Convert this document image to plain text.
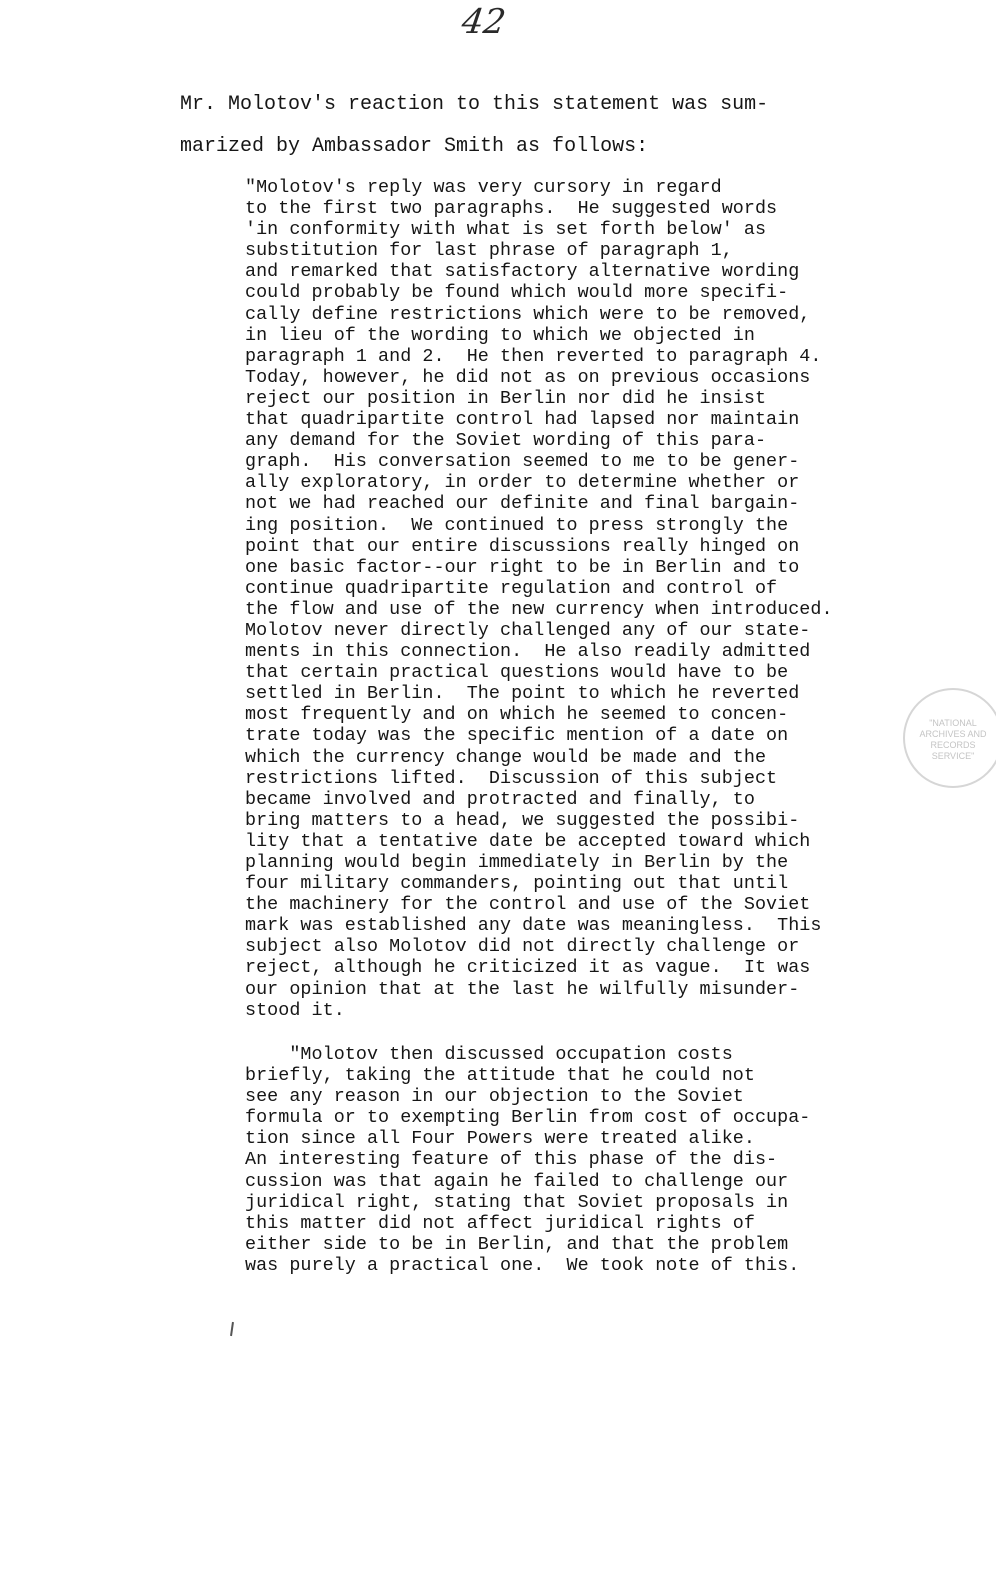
42
Mr. Molotov's reaction to this statement was sum-
marized by Ambassador Smith as follows:
"Molotov's reply was very cursory in regard
to the first two paragraphs.  He suggested words
'in conformity with what is set forth below' as
substitution for last phrase of paragraph 1,
and remarked that satisfactory alternative wording
could probably be found which would more specifi-
cally define restrictions which were to be removed,
in lieu of the wording to which we objected in
paragraph 1 and 2.  He then reverted to paragraph 4.
Today, however, he did not as on previous occasions
reject our position in Berlin nor did he insist
that quadripartite control had lapsed nor maintain
any demand for the Soviet wording of this para-
graph.  His conversation seemed to me to be gener-
ally exploratory, in order to determine whether or
not we had reached our definite and final bargain-
ing position.  We continued to press strongly the
point that our entire discussions really hinged on
one basic factor--our right to be in Berlin and to
continue quadripartite regulation and control of
the flow and use of the new currency when introduced.
Molotov never directly challenged any of our state-
ments in this connection.  He also readily admitted
that certain practical questions would have to be
settled in Berlin.  The point to which he reverted
most frequently and on which he seemed to concen-
trate today was the specific mention of a date on
which the currency change would be made and the
restrictions lifted.  Discussion of this subject
became involved and protracted and finally, to
bring matters to a head, we suggested the possibi-
lity that a tentative date be accepted toward which
planning would begin immediately in Berlin by the
four military commanders, pointing out that until
the machinery for the control and use of the Soviet
mark was established any date was meaningless.  This
subject also Molotov did not directly challenge or
reject, although he criticized it as vague.  It was
our opinion that at the last he wilfully misunder-
stood it.
"NATIONAL
ARCHIVES AND
RECORDS
SERVICE"
"Molotov then discussed occupation costs
briefly, taking the attitude that he could not
see any reason in our objection to the Soviet
formula or to exempting Berlin from cost of occupa-
tion since all Four Powers were treated alike.
An interesting feature of this phase of the dis-
cussion was that again he failed to challenge our
juridical right, stating that Soviet proposals in
this matter did not affect juridical rights of
either side to be in Berlin, and that the problem
was purely a practical one.  We took note of this.
